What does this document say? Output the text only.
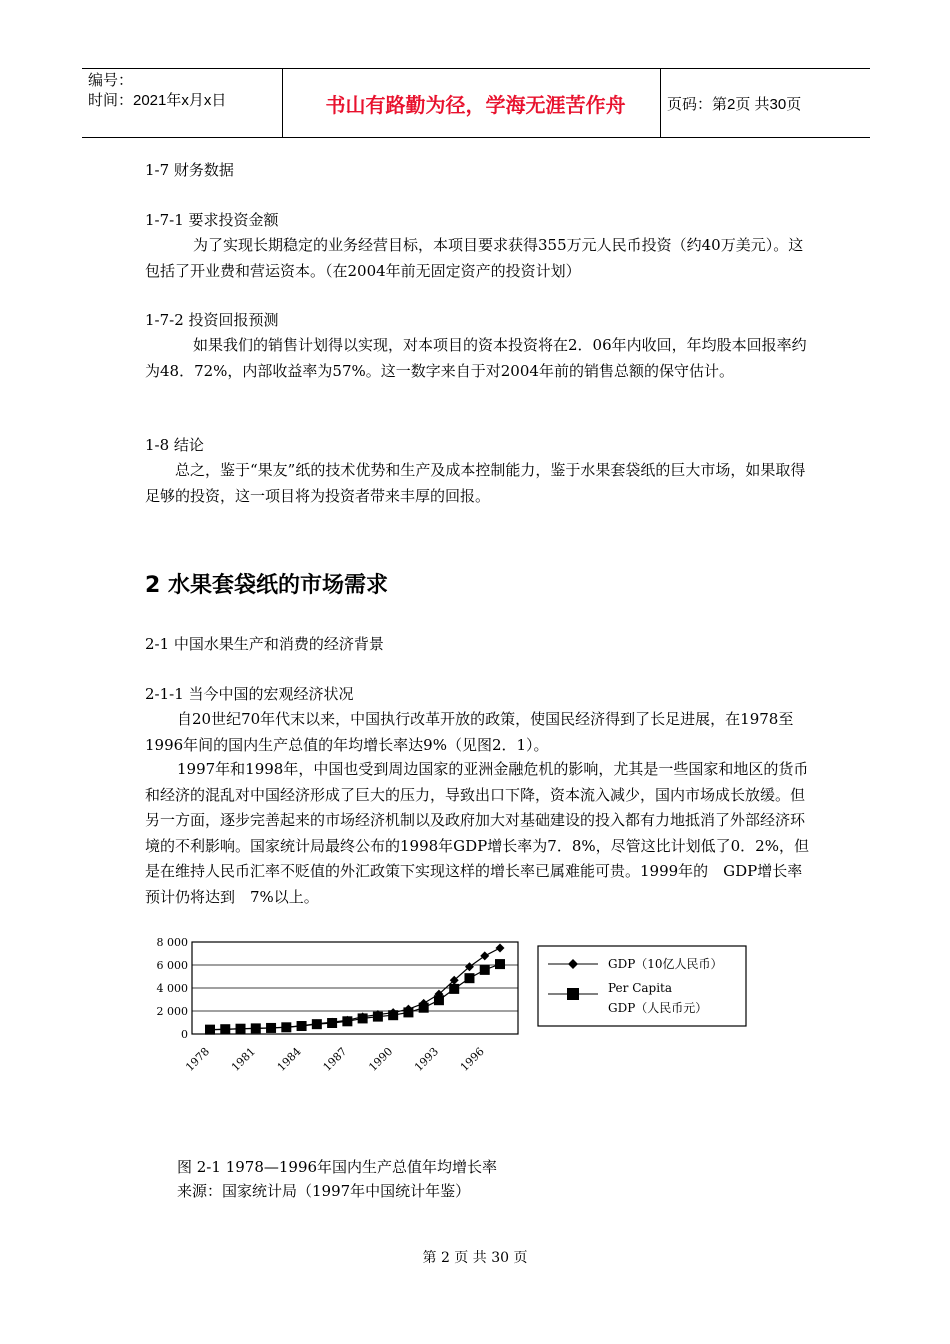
编号：
时间：2021年x月x日	书山有路勤为径，学海无涯苦作舟	页码：第2页 共30页
1-7 财务数据
1-7-1 要求投资金额
为了实现长期稳定的业务经营目标，本项目要求获得355万元人民币投资（约40万美元）。这包括了开业费和营运资本。（在2004年前无固定资产的投资计划）
1-7-2 投资回报预测
如果我们的销售计划得以实现，对本项目的资本投资将在2．06年内收回，年均股本回报率约为48．72%，内部收益率为57%。这一数字来自于对2004年前的销售总额的保守估计。
1-8 结论
总之，鉴于“果友”纸的技术优势和生产及成本控制能力，鉴于水果套袋纸的巨大市场，如果取得足够的投资，这一项目将为投资者带来丰厚的回报。
2 水果套袋纸的市场需求
2-1 中国水果生产和消费的经济背景
2-1-1 当今中国的宏观经济状况
自20世纪70年代末以来，中国执行改革开放的政策，使国民经济得到了长足进展，在1978至1996年间的国内生产总值的年均增长率达9%（见图2．1）。
1997年和1998年，中国也受到周边国家的亚洲金融危机的影响，尤其是一些国家和地区的货币和经济的混乱对中国经济形成了巨大的压力，导致出口下降，资本流入减少，国内市场成长放缓。但另一方面，逐步完善起来的市场经济机制以及政府加大对基础建设的投入都有力地抵消了外部经济环境的不利影响。国家统计局最终公布的1998年GDP增长率为7．8%，尽管这比计划低了0．2%，但是在维持人民币汇率不贬值的外汇政策下实现这样的增长率已属难能可贵。1999年的　GDP增长率预计仍将达到　7%以上。
8 000
6 000
4 000
2 000
0
1978 1981 1984 1987 1990 1993 1996
GDP（10亿人民币）
Per Capita
GDP（人民币元）
图 2-1 1978—1996年国内生产总值年均增长率
来源：国家统计局（1997年中国统计年鉴）
第 2 页 共 30 页
